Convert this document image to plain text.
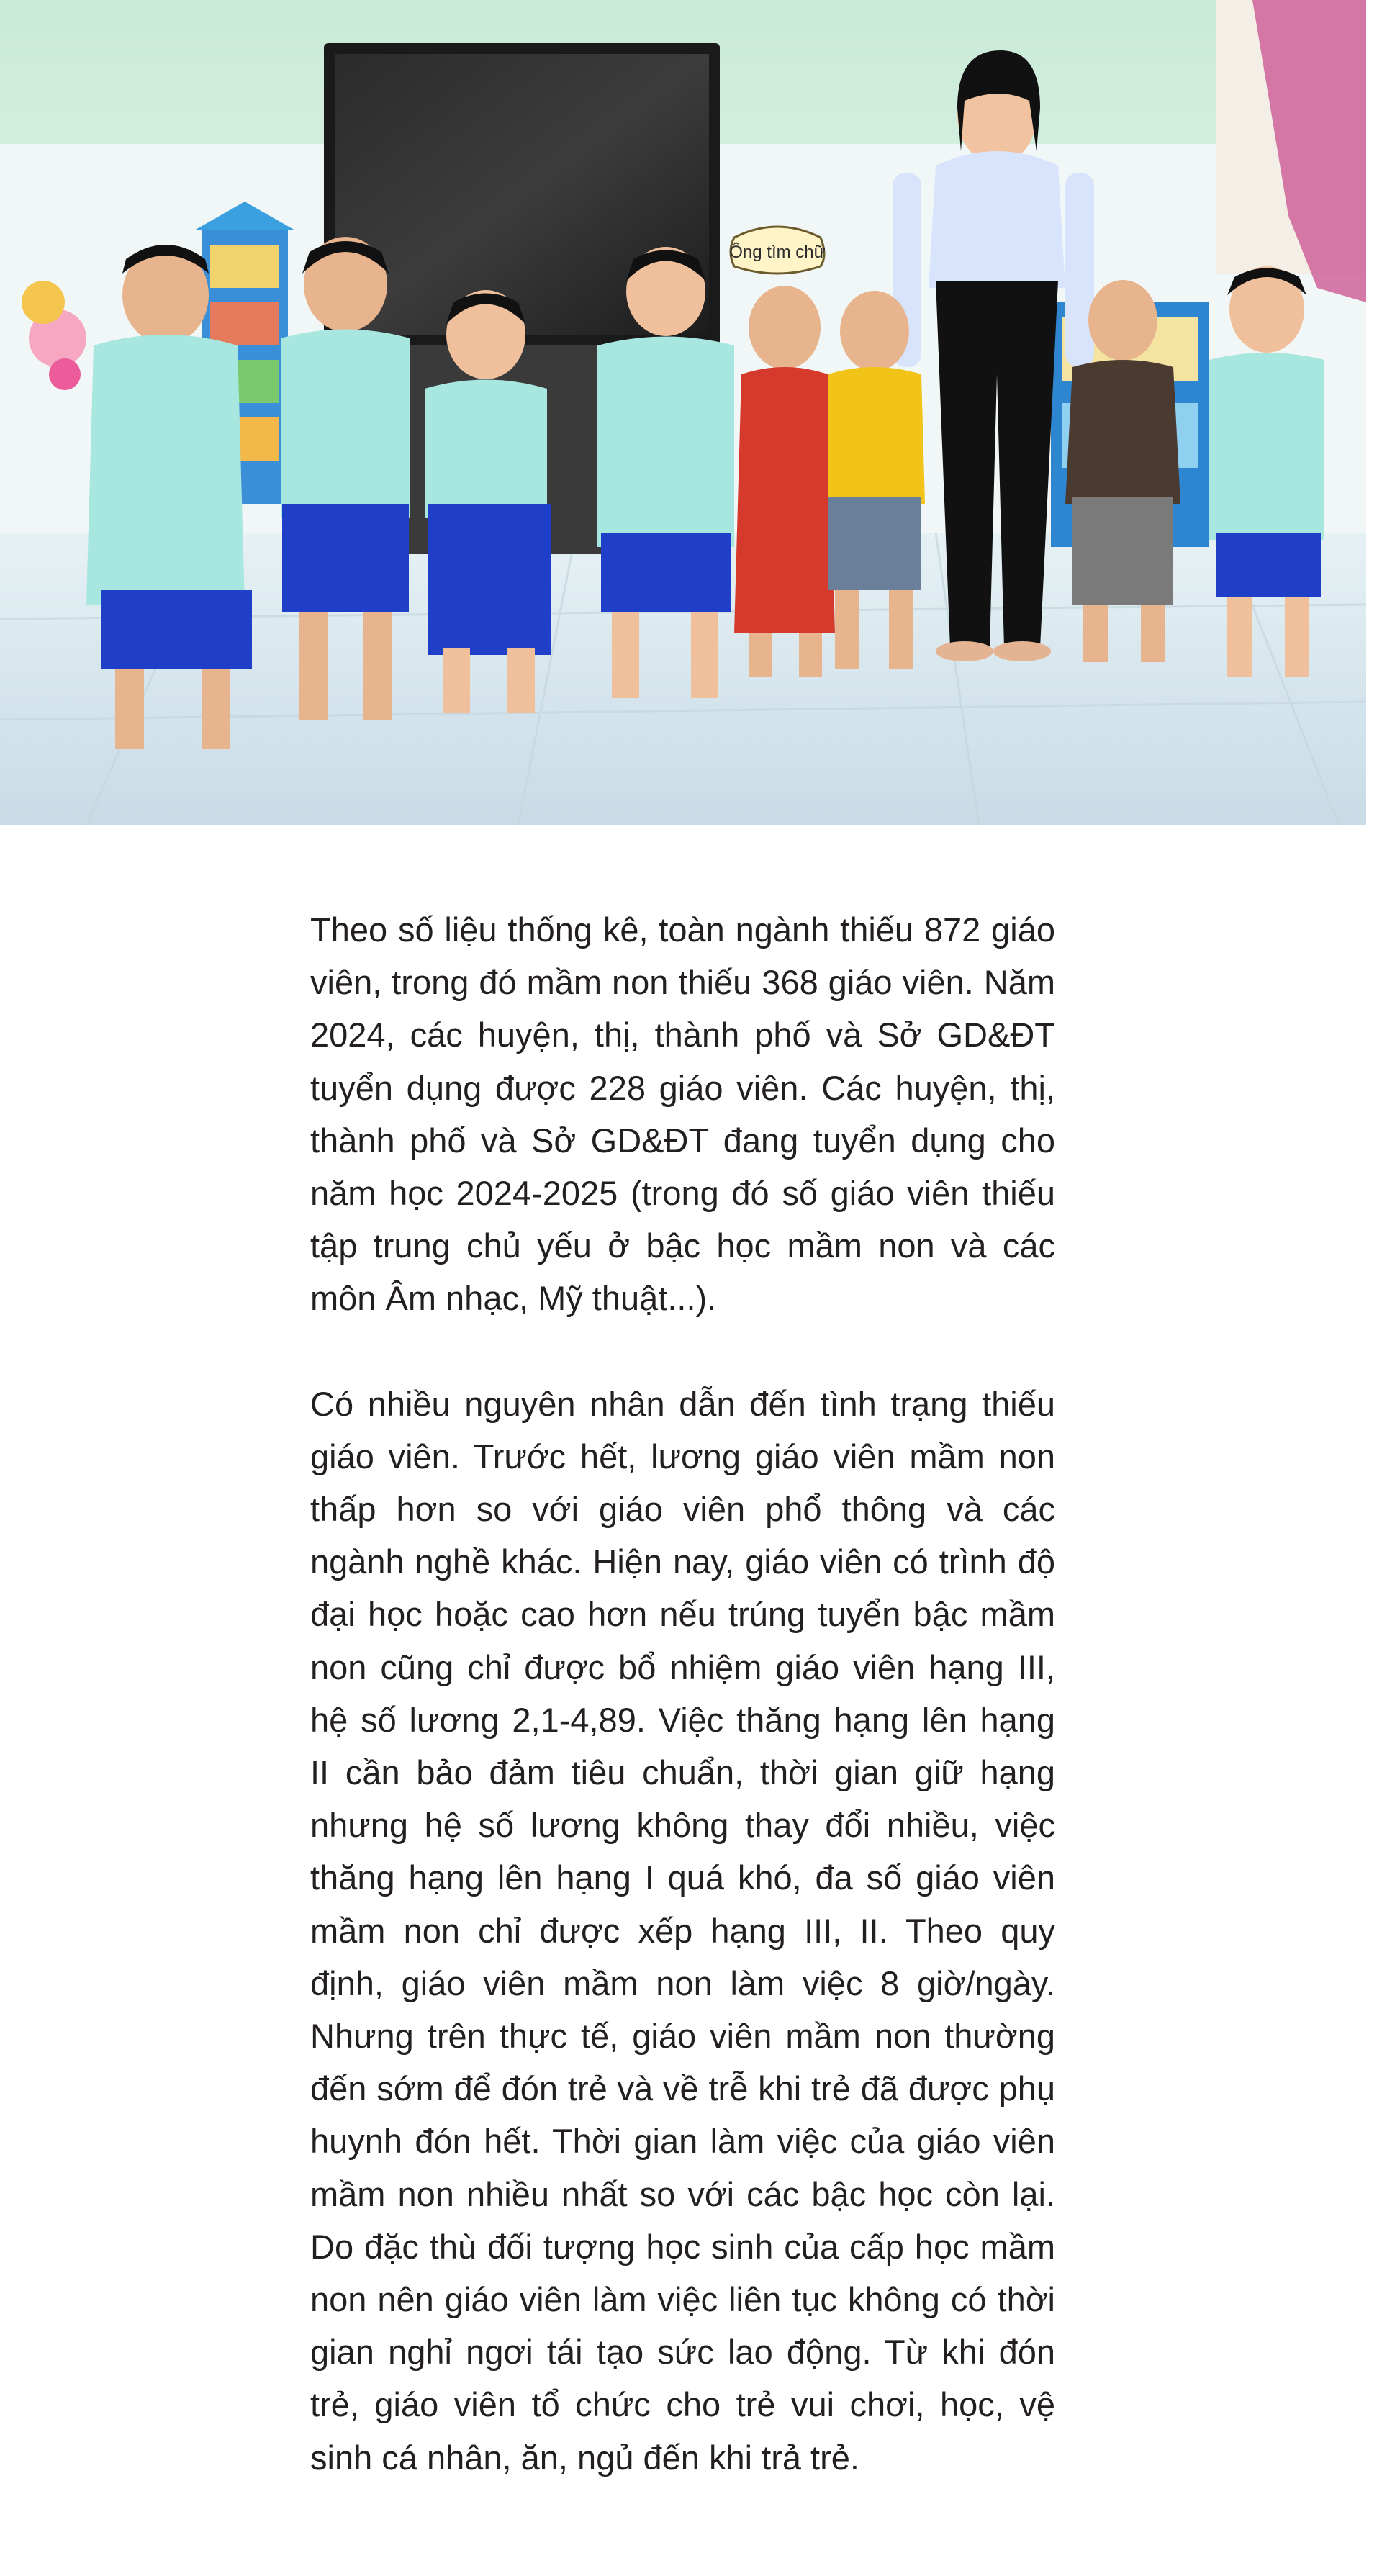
Ông tìm chữ

Theo số liệu thống kê, toàn ngành thiếu 872 giáo viên, trong đó mầm non thiếu 368 giáo viên. Năm 2024, các huyện, thị, thành phố và Sở GD&ĐT tuyển dụng được 228 giáo viên. Các huyện, thị, thành phố và Sở GD&ĐT đang tuyển dụng cho năm học 2024-2025 (trong đó số giáo viên thiếu tập trung chủ yếu ở bậc học mầm non và các môn Âm nhạc, Mỹ thuật...).

Có nhiều nguyên nhân dẫn đến tình trạng thiếu giáo viên. Trước hết, lương giáo viên mầm non thấp hơn so với giáo viên phổ thông và các ngành nghề khác. Hiện nay, giáo viên có trình độ đại học hoặc cao hơn nếu trúng tuyển bậc mầm non cũng chỉ được bổ nhiệm giáo viên hạng III, hệ số lương 2,1-4,89. Việc thăng hạng lên hạng II cần bảo đảm tiêu chuẩn, thời gian giữ hạng nhưng hệ số lương không thay đổi nhiều, việc thăng hạng lên hạng I quá khó, đa số giáo viên mầm non chỉ được xếp hạng III, II. Theo quy định, giáo viên mầm non làm việc 8 giờ/ngày. Nhưng trên thực tế, giáo viên mầm non thường đến sớm để đón trẻ và về trễ khi trẻ đã được phụ huynh đón hết. Thời gian làm việc của giáo viên mầm non nhiều nhất so với các bậc học còn lại. Do đặc thù đối tượng học sinh của cấp học mầm non nên giáo viên làm việc liên tục không có thời gian nghỉ ngơi tái tạo sức lao động. Từ khi đón trẻ, giáo viên tổ chức cho trẻ vui chơi, học, vệ sinh cá nhân, ăn, ngủ đến khi trả trẻ.
